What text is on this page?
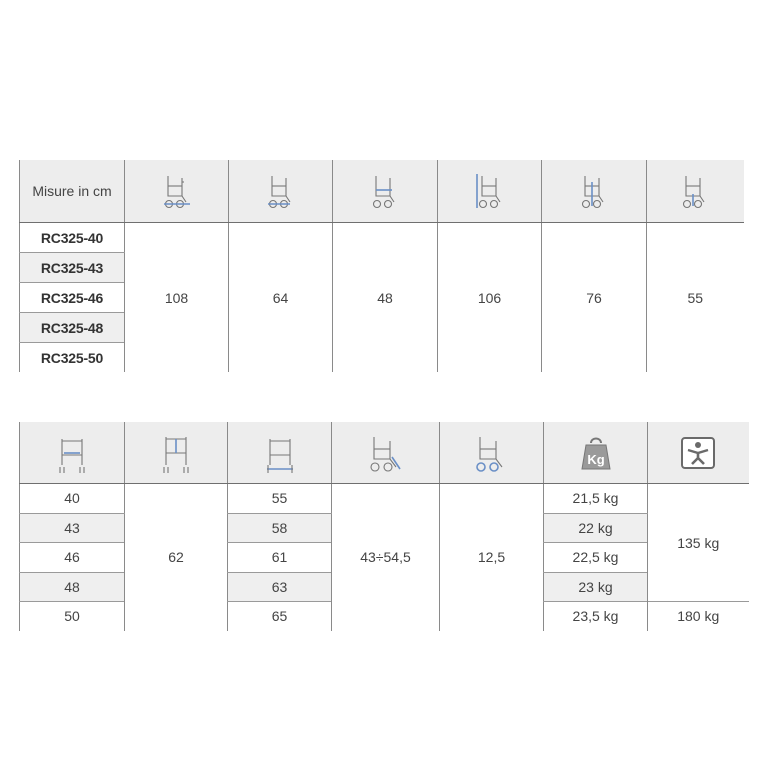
Misure in cm	

RC325-40	108	64	48	106	76	55
RC325-43						
RC325-46						
RC325-48						
RC325-50						

Kg

40	62	55	43÷54,5	12,5	21,5 kg	135 kg
43		58			22 kg	
46		61			22,5 kg	
48		63			23 kg	
50		65			23,5 kg	180 kg
